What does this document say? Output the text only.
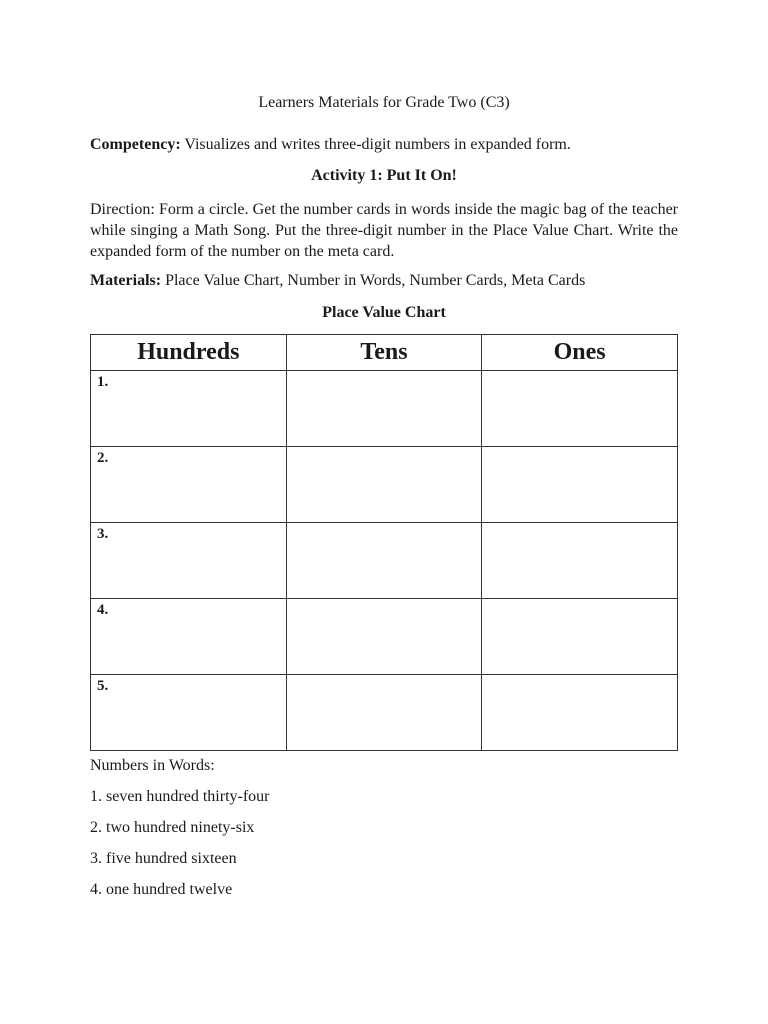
Learners Materials for Grade Two (C3)
Competency: Visualizes and writes three-digit numbers in expanded form.
Activity 1: Put It On!
Direction: Form a circle. Get the number cards in words inside the magic bag of the teacher while singing a Math Song. Put the three-digit number in the Place Value Chart. Write the expanded form of the number on the meta card.
Materials: Place Value Chart, Number in Words, Number Cards, Meta Cards
Place Value Chart
Hundreds	Tens	Ones
1.		
2.		
3.		
4.		
5.		
Numbers in Words:
1. seven hundred thirty-four
2. two hundred ninety-six
3. five hundred sixteen
4. one hundred twelve
